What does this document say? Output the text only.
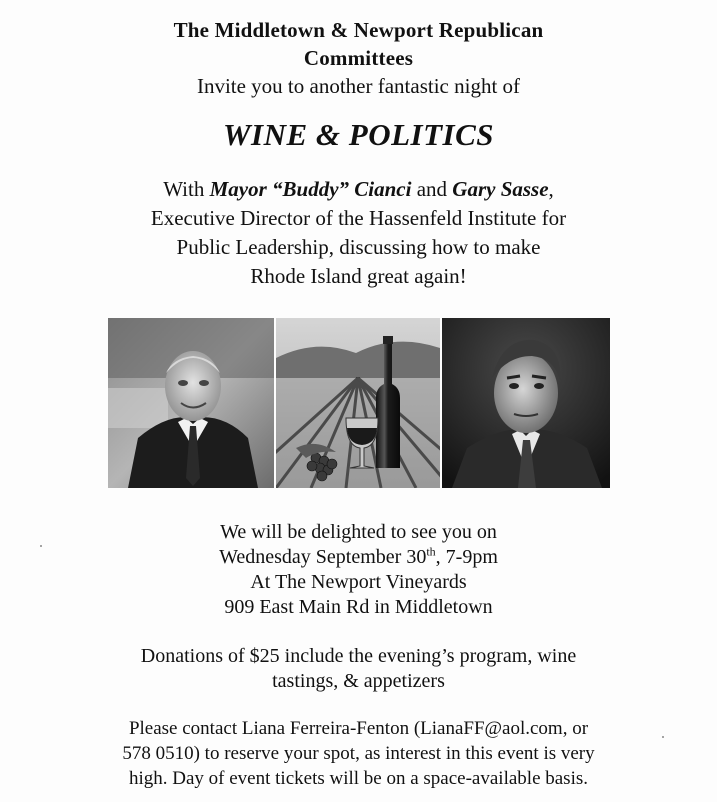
The Middletown & Newport Republican
Committees
Invite you to another fantastic night of
WINE & POLITICS
With Mayor “Buddy” Cianci and Gary Sasse,
Executive Director of the Hassenfeld Institute for
Public Leadership, discussing how to make
Rhode Island great again!
We will be delighted to see you on
Wednesday September 30th, 7-9pm
At The Newport Vineyards
909 East Main Rd in Middletown
Donations of $25 include the evening’s program, wine
tastings, & appetizers
Please contact Liana Ferreira-Fenton (LianaFF@aol.com, or
578 0510) to reserve your spot, as interest in this event is very
high. Day of event tickets will be on a space-available basis.
